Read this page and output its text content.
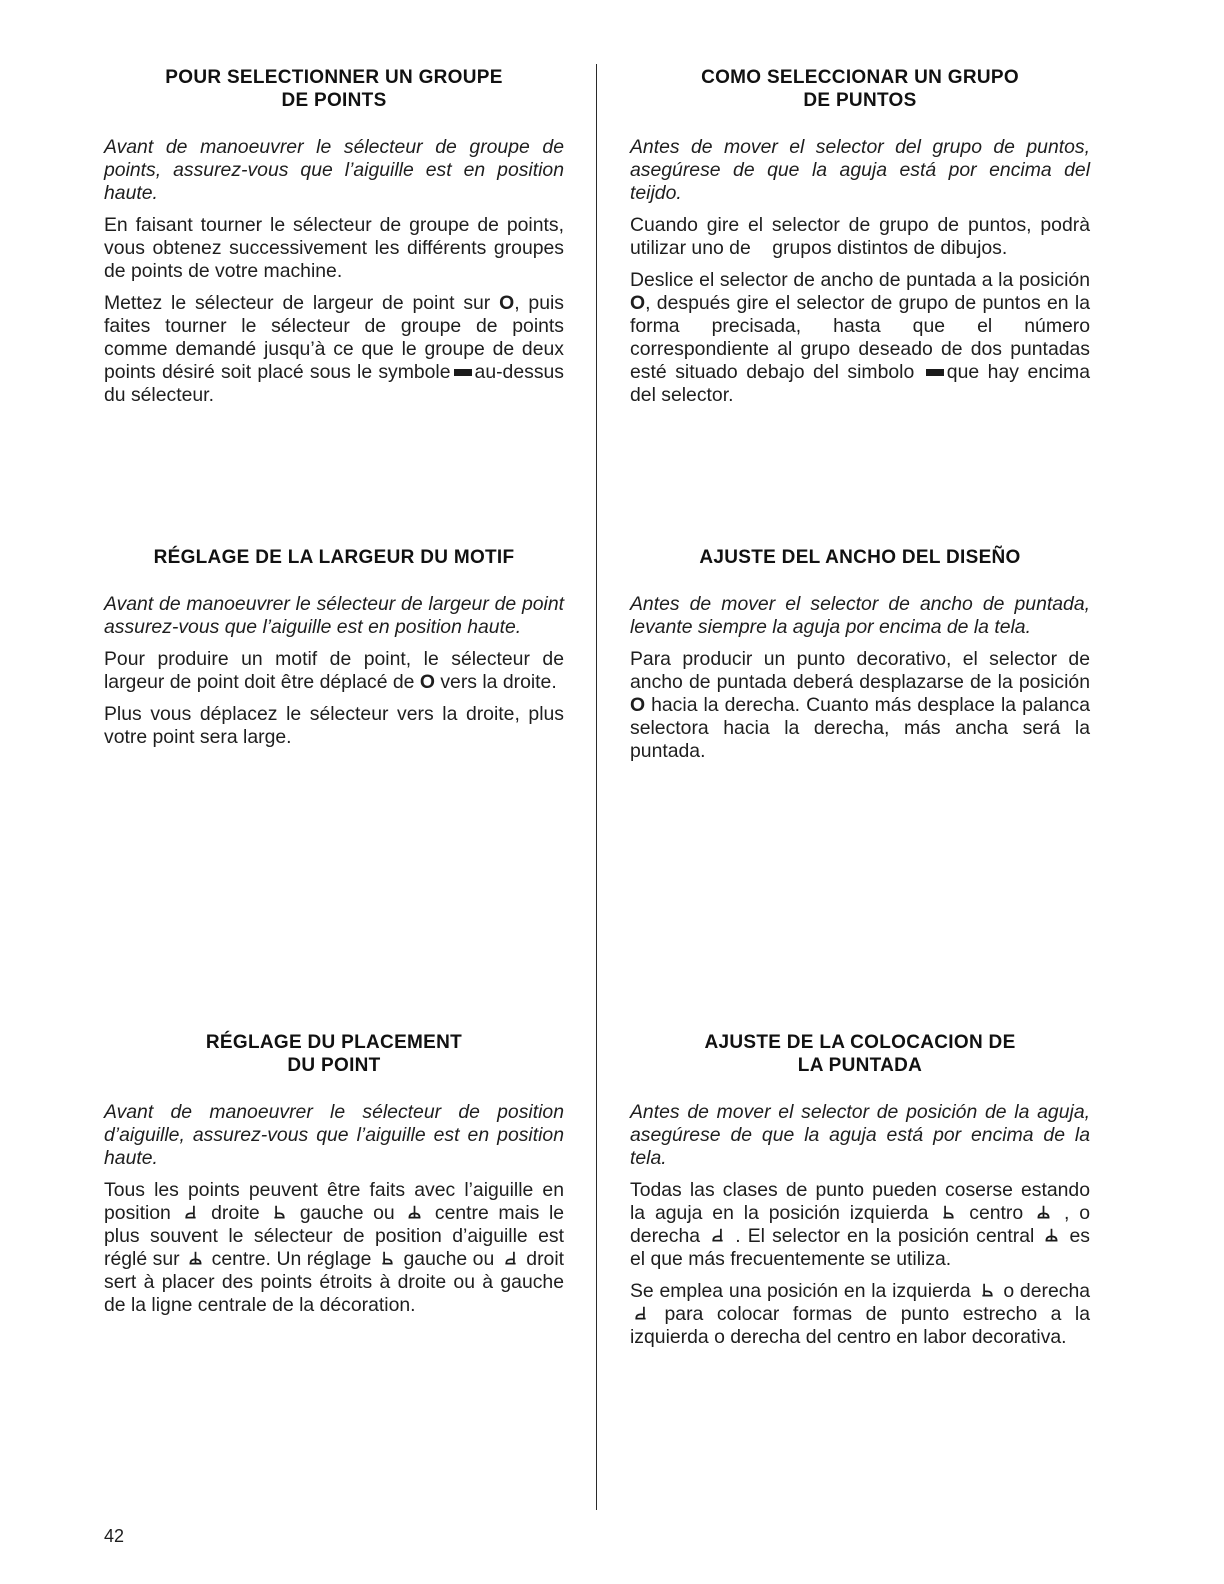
POUR SELECTIONNER UN GROUPE
DE POINTS

Avant de manoeuvrer le sélecteur de groupe de points, assurez-vous que l’aiguille est en position haute.

En faisant tourner le sélecteur de groupe de points, vous obtenez successivement les différents groupes de points de votre machine.

Mettez le sélecteur de largeur de point sur O, puis faites tourner le sélecteur de groupe de points comme demandé jusqu’à ce que le groupe de deux points désiré soit placé sous le symbole au-dessus du sélecteur.

RÉGLAGE DE LA LARGEUR DU MOTIF

Avant de manoeuvrer le sélecteur de largeur de point assurez-vous que l’aiguille est en position haute.

Pour produire un motif de point, le sélecteur de largeur de point doit être déplacé de O vers la droite.

Plus vous déplacez le sélecteur vers la droite, plus votre point sera large.

RÉGLAGE DU PLACEMENT
DU POINT

Avant de manoeuvrer le sélecteur de position d’aiguille, assurez-vous que l’aiguille est en position haute.

Tous les points peuvent être faits avec l’aiguille en position droite gauche ou centre mais le plus souvent le sélecteur de position d’aiguille est réglé sur centre. Un réglage gauche ou droit sert à placer des points étroits à droite ou à gauche de la ligne centrale de la décoration.

COMO SELECCIONAR UN GRUPO
DE PUNTOS

Antes de mover el selector del grupo de puntos, asegúrese de que la aguja está por encima del teijdo.

Cuando gire el selector de grupo de puntos, podrà utilizar uno de    grupos distintos de dibujos.

Deslice el selector de ancho de puntada a la posición O, después gire el selector de grupo de puntos en la forma precisada, hasta que el número correspondiente al grupo deseado de dos puntadas esté situado debajo del simbolo que hay encima del selector.

AJUSTE DEL ANCHO DEL DISEÑO

Antes de mover el selector de ancho de puntada, levante siempre la aguja por encima de la tela.

Para producir un punto decorativo, el selector de ancho de puntada deberá desplazarse de la posición O hacia la derecha. Cuanto más desplace la palanca selectora hacia la derecha, más ancha será la puntada.

AJUSTE DE LA COLOCACION DE
LA PUNTADA

Antes de mover el selector de posición de la aguja, asegúrese de que la aguja está por encima de la tela.

Todas las clases de punto pueden coserse estando la aguja en la posición izquierda centro , o derecha . El selector en la posición central es el que más frecuentemente se utiliza.

Se emplea una posición en la izquierda o derecha
para colocar formas de punto estrecho a la izquierda o derecha del centro en labor decorativa.

42
